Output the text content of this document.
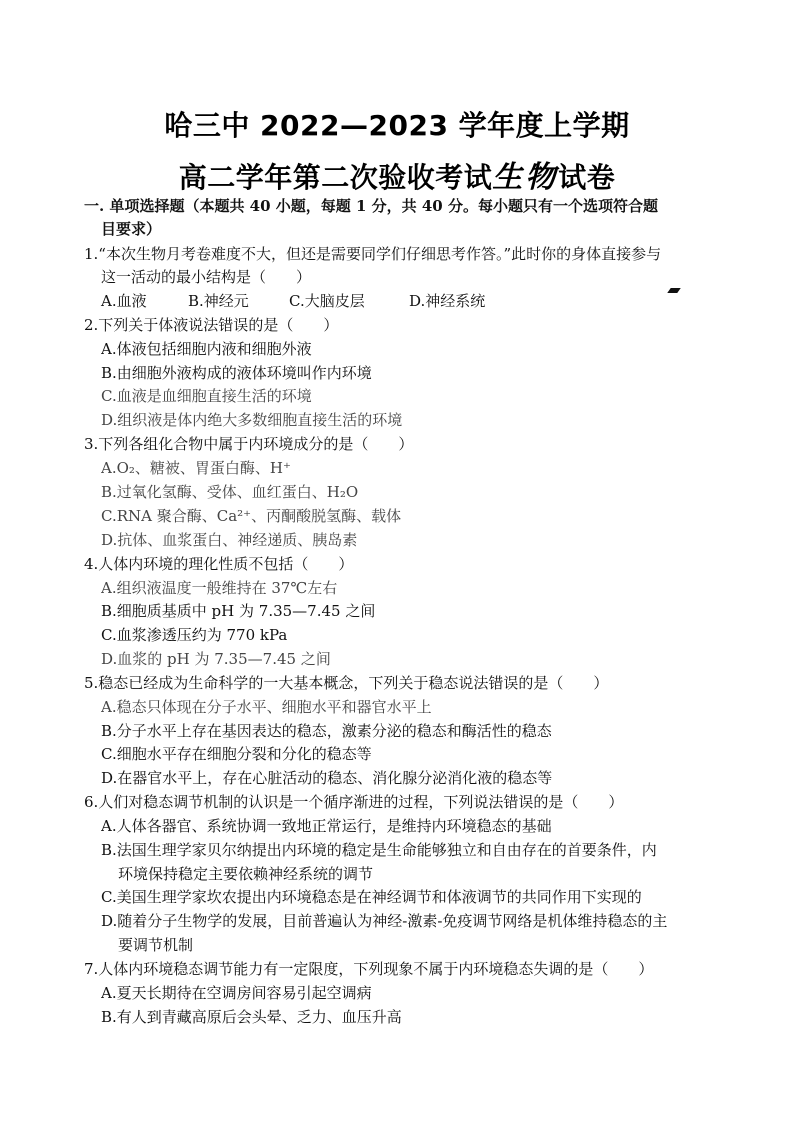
哈三中 2022—2023 学年度上学期
高二学年第二次验收考试生物试卷
一. 单项选择题（本题共 40 小题，每题 1 分，共 40 分。每小题只有一个选项符合题
目要求）
1.“本次生物月考卷难度不大，但还是需要同学们仔细思考作答。”此时你的身体直接参与
这一活动的最小结构是（　　）
A.血液	B.神经元	C.大脑皮层	D.神经系统
2.下列关于体液说法错误的是（　　）
A.体液包括细胞内液和细胞外液
B.由细胞外液构成的液体环境叫作内环境
C.血液是血细胞直接生活的环境
D.组织液是体内绝大多数细胞直接生活的环境
3.下列各组化合物中属于内环境成分的是（　　）
A.O₂、糖被、胃蛋白酶、H⁺
B.过氧化氢酶、受体、血红蛋白、H₂O
C.RNA 聚合酶、Ca²⁺、丙酮酸脱氢酶、载体
D.抗体、血浆蛋白、神经递质、胰岛素
4.人体内环境的理化性质不包括（　　）
A.组织液温度一般维持在 37℃左右
B.细胞质基质中 pH 为 7.35—7.45 之间
C.血浆渗透压约为 770 kPa
D.血浆的 pH 为 7.35—7.45 之间
5.稳态已经成为生命科学的一大基本概念，下列关于稳态说法错误的是（　　）
A.稳态只体现在分子水平、细胞水平和器官水平上
B.分子水平上存在基因表达的稳态，激素分泌的稳态和酶活性的稳态
C.细胞水平存在细胞分裂和分化的稳态等
D.在器官水平上，存在心脏活动的稳态、消化腺分泌消化液的稳态等
6.人们对稳态调节机制的认识是一个循序渐进的过程，下列说法错误的是（　　）
A.人体各器官、系统协调一致地正常运行，是维持内环境稳态的基础
B.法国生理学家贝尔纳提出内环境的稳定是生命能够独立和自由存在的首要条件，内
环境保持稳定主要依赖神经系统的调节
C.美国生理学家坎农提出内环境稳态是在神经调节和体液调节的共同作用下实现的
D.随着分子生物学的发展，目前普遍认为神经-激素-免疫调节网络是机体维持稳态的主
要调节机制
7.人体内环境稳态调节能力有一定限度，下列现象不属于内环境稳态失调的是（　　）
A.夏天长期待在空调房间容易引起空调病
B.有人到青藏高原后会头晕、乏力、血压升高
